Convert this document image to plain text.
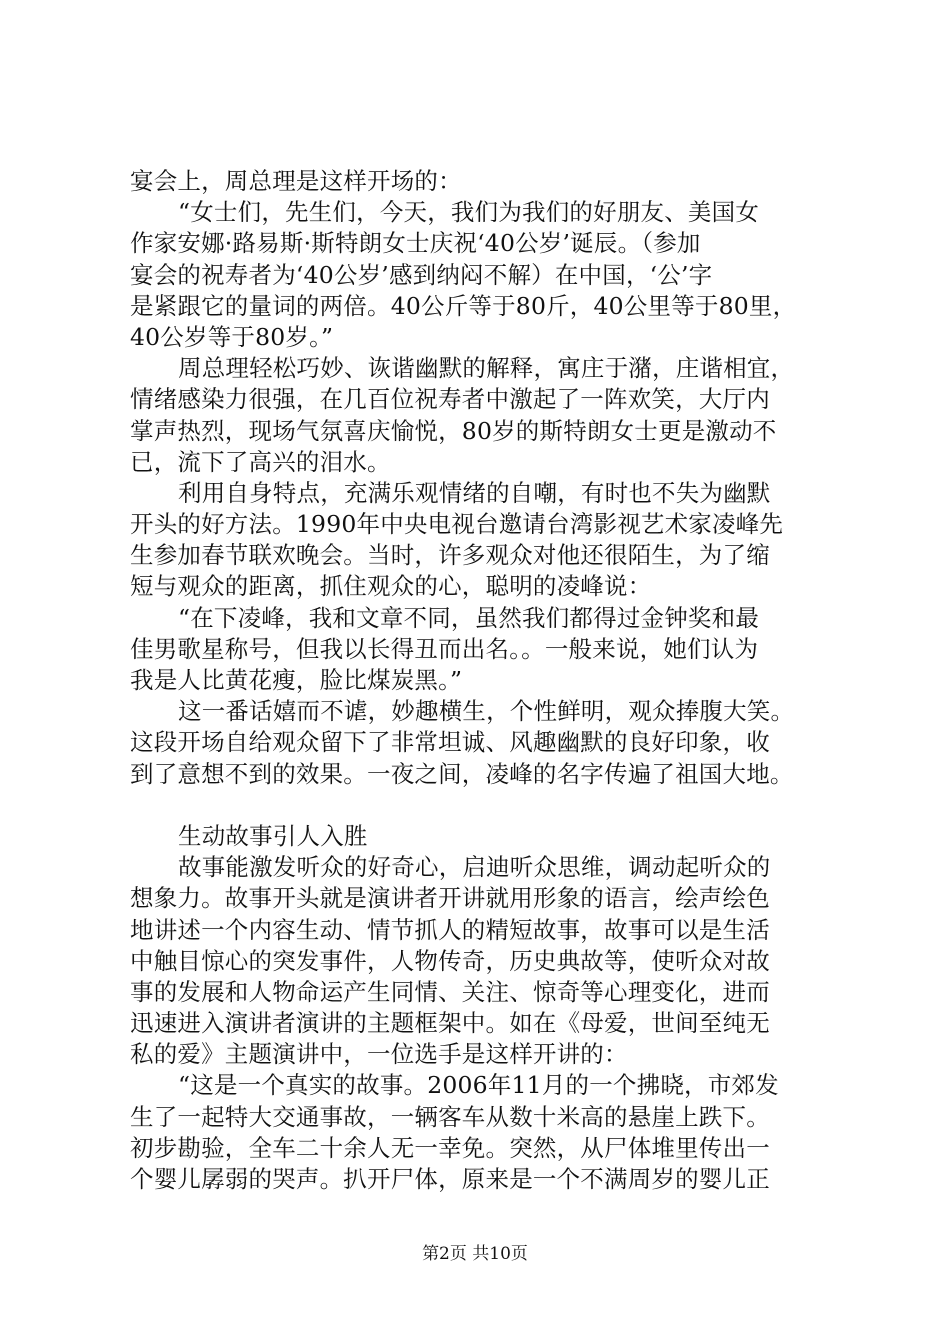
宴会上，周总理是这样开场的：
“女士们，先生们，今天，我们为我们的好朋友、美国女
作家安娜·路易斯·斯特朗女士庆祝‘40公岁’诞辰。（参加
宴会的祝寿者为‘40公岁’感到纳闷不解）在中国，‘公’字
是紧跟它的量词的两倍。40公斤等于80斤，40公里等于80里，
40公岁等于80岁。”
周总理轻松巧妙、诙谐幽默的解释，寓庄于潴，庄谐相宜，
情绪感染力很强，在几百位祝寿者中激起了一阵欢笑，大厅内
掌声热烈，现场气氛喜庆愉悦，80岁的斯特朗女士更是激动不
已，流下了高兴的泪水。
利用自身特点，充满乐观情绪的自嘲，有时也不失为幽默
开头的好方法。1990年中央电视台邀请台湾影视艺术家凌峰先
生参加春节联欢晚会。当时，许多观众对他还很陌生，为了缩
短与观众的距离，抓住观众的心，聪明的凌峰说：
“在下凌峰，我和文章不同，虽然我们都得过金钟奖和最
佳男歌星称号，但我以长得丑而出名。。一般来说，她们认为
我是人比黄花瘦，脸比煤炭黑。”
这一番话嬉而不谑，妙趣横生，个性鲜明，观众捧腹大笑。
这段开场自给观众留下了非常坦诚、风趣幽默的良好印象，收
到了意想不到的效果。一夜之间，凌峰的名字传遍了祖国大地。
生动故事引人入胜
故事能激发听众的好奇心，启迪听众思维，调动起听众的
想象力。故事开头就是演讲者开讲就用形象的语言，绘声绘色
地讲述一个内容生动、情节抓人的精短故事，故事可以是生活
中触目惊心的突发事件，人物传奇，历史典故等，使听众对故
事的发展和人物命运产生同情、关注、惊奇等心理变化，进而
迅速进入演讲者演讲的主题框架中。如在《母爱，世间至纯无
私的爱》主题演讲中，一位选手是这样开讲的：
“这是一个真实的故事。2006年11月的一个拂晓，市郊发
生了一起特大交通事故，一辆客车从数十米高的悬崖上跌下。
初步勘验，全车二十余人无一幸免。突然，从尸体堆里传出一
个婴儿孱弱的哭声。扒开尸体，原来是一个不满周岁的婴儿正
第2页 共10页
